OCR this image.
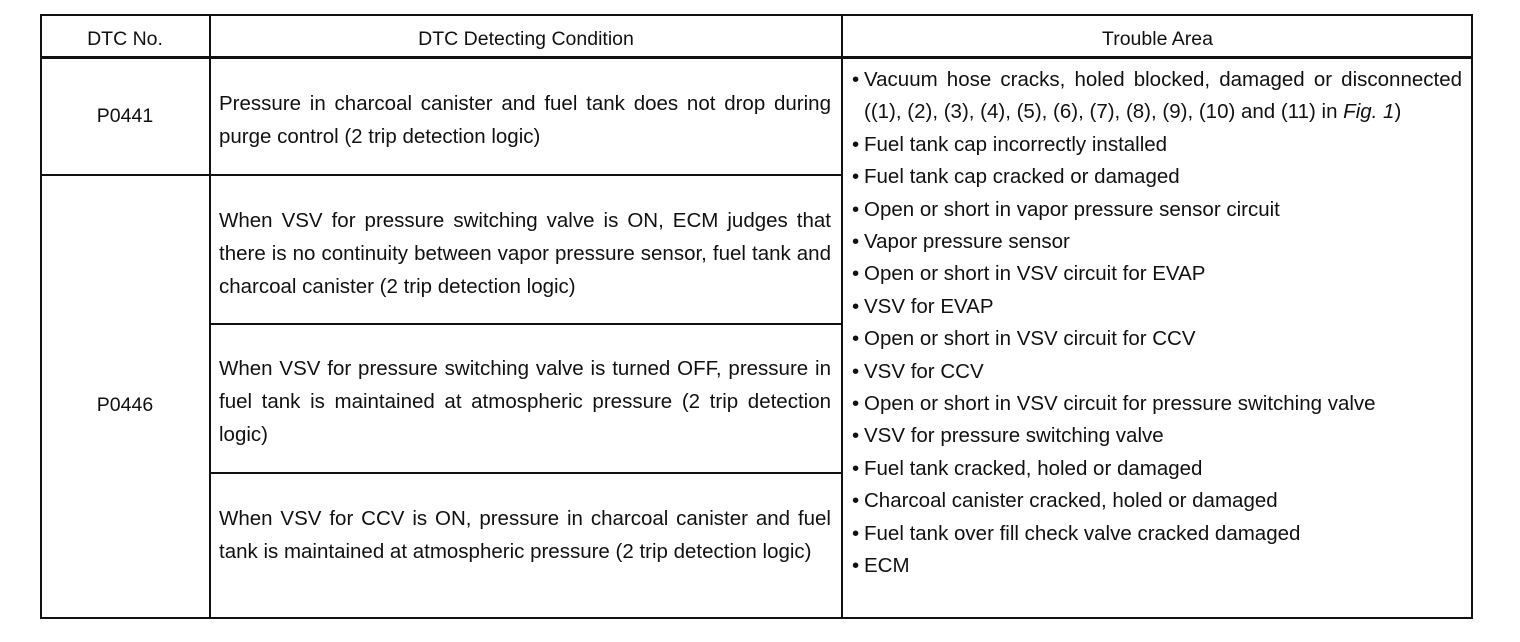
DTC No.	DTC Detecting Condition	Trouble Area
P0441
P0446
Pressure in charcoal canister and fuel tank does not drop during purge control (2 trip detection logic)
When VSV for pressure switching valve is ON, ECM judges that there is no continuity between vapor pressure sensor, fuel tank and charcoal canister (2 trip detection logic)
When VSV for pressure switching valve is turned OFF, pressure in fuel tank is maintained at atmospheric pressure (2 trip detection logic)
When VSV for CCV is ON, pressure in charcoal canister and fuel tank is maintained at atmospheric pressure (2 trip detection logic)
• Vacuum hose cracks, holed blocked, damaged or disconnected ((1), (2), (3), (4), (5), (6), (7), (8), (9), (10) and (11) in Fig. 1)
• Fuel tank cap incorrectly installed
• Fuel tank cap cracked or damaged
• Open or short in vapor pressure sensor circuit
• Vapor pressure sensor
• Open or short in VSV circuit for EVAP
• VSV for EVAP
• Open or short in VSV circuit for CCV
• VSV for CCV
• Open or short in VSV circuit for pressure switching valve
• VSV for pressure switching valve
• Fuel tank cracked, holed or damaged
• Charcoal canister cracked, holed or damaged
• Fuel tank over fill check valve cracked damaged
• ECM
